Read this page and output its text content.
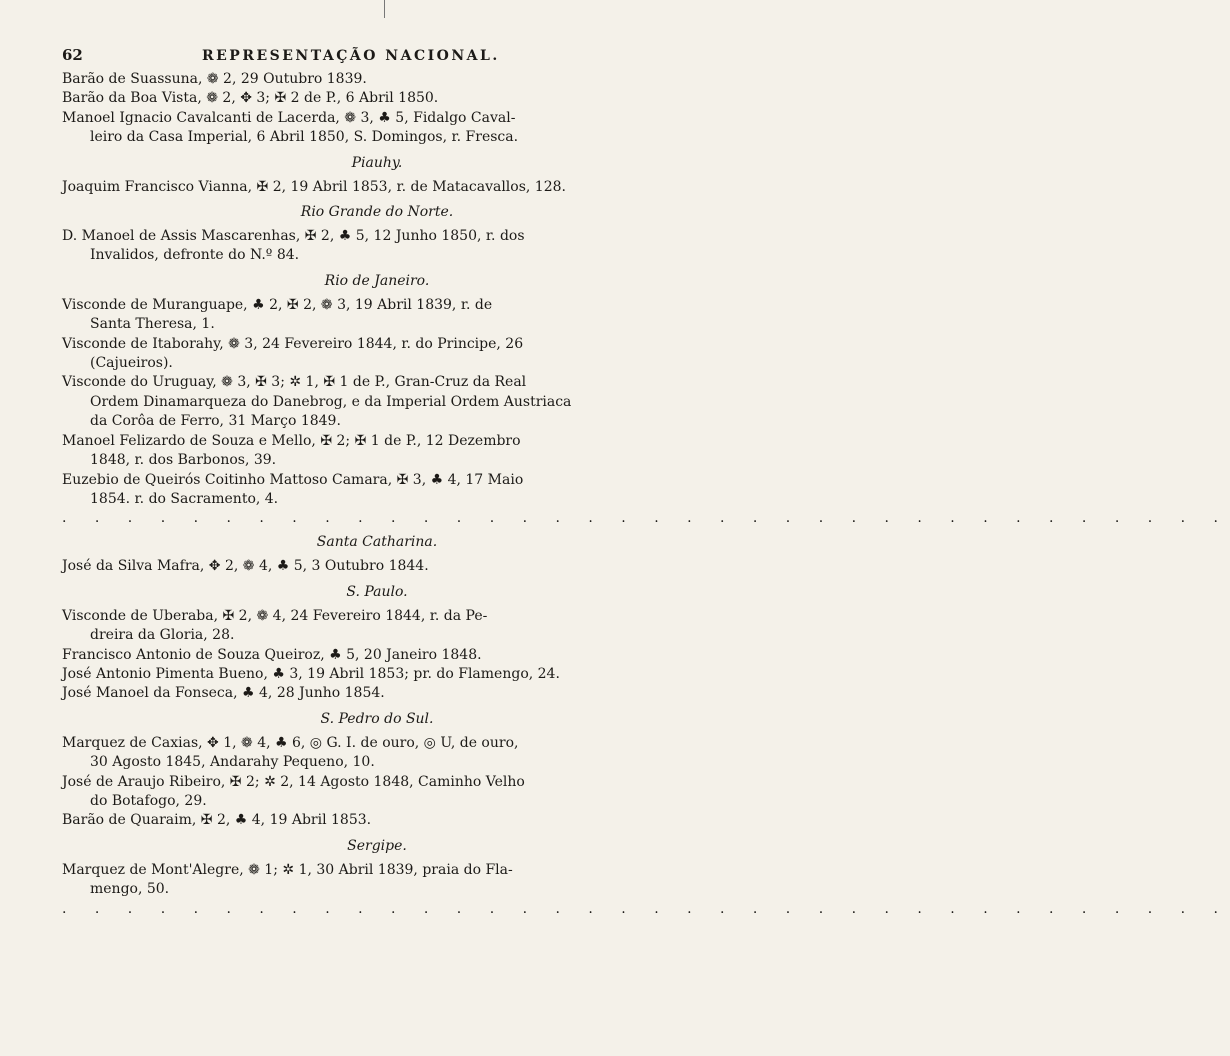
62	REPRESENTAÇÃO NACIONAL.
Barão de Suassuna, ❁ 2, 29 Outubro 1839.
Barão da Boa Vista, ❁ 2, ✥ 3; ✠ 2 de P., 6 Abril 1850.
Manoel Ignacio Cavalcanti de Lacerda, ❁ 3, ♣ 5, Fidalgo Caval-
leiro da Casa Imperial, 6 Abril 1850, S. Domingos, r. Fresca.
Piauhy.
Joaquim Francisco Vianna, ✠ 2, 19 Abril 1853, r. de Matacavallos, 128.
Rio Grande do Norte.
D. Manoel de Assis Mascarenhas, ✠ 2, ♣ 5, 12 Junho 1850, r. dos
Invalidos, defronte do N.º 84.
Rio de Janeiro.
Visconde de Muranguape, ♣ 2, ✠ 2, ❁ 3, 19 Abril 1839, r. de
Santa Theresa, 1.
Visconde de Itaborahy, ❁ 3, 24 Fevereiro 1844, r. do Principe, 26
(Cajueiros).
Visconde do Uruguay, ❁ 3, ✠ 3; ✲ 1, ✠ 1 de P., Gran-Cruz da Real
Ordem Dinamarqueza do Danebrog, e da Imperial Ordem Austriaca
da Corôa de Ferro, 31 Março 1849.
Manoel Felizardo de Souza e Mello, ✠ 2; ✠ 1 de P., 12 Dezembro
1848, r. dos Barbonos, 39.
Euzebio de Queirós Coitinho Mattoso Camara, ✠ 3, ♣ 4, 17 Maio
1854. r. do Sacramento, 4.
. . . . . . . . . . . . . . . . . . . . . . . . . . . . . . . . . . . .
Santa Catharina.
José da Silva Mafra, ✥ 2, ❁ 4, ♣ 5, 3 Outubro 1844.
S. Paulo.
Visconde de Uberaba, ✠ 2, ❁ 4, 24 Fevereiro 1844, r. da Pe-
dreira da Gloria, 28.
Francisco Antonio de Souza Queiroz, ♣ 5, 20 Janeiro 1848.
José Antonio Pimenta Bueno, ♣ 3, 19 Abril 1853; pr. do Flamengo, 24.
José Manoel da Fonseca, ♣ 4, 28 Junho 1854.
S. Pedro do Sul.
Marquez de Caxias, ✥ 1, ❁ 4, ♣ 6, ◎ G. I. de ouro, ◎ U, de ouro,
30 Agosto 1845, Andarahy Pequeno, 10.
José de Araujo Ribeiro, ✠ 2; ✲ 2, 14 Agosto 1848, Caminho Velho
do Botafogo, 29.
Barão de Quaraim, ✠ 2, ♣ 4, 19 Abril 1853.
Sergipe.
Marquez de Mont'Alegre, ❁ 1; ✲ 1, 30 Abril 1839, praia do Fla-
mengo, 50.
. . . . . . . . . . . . . . . . . . . . . . . . . . . . . . . . . . . .
